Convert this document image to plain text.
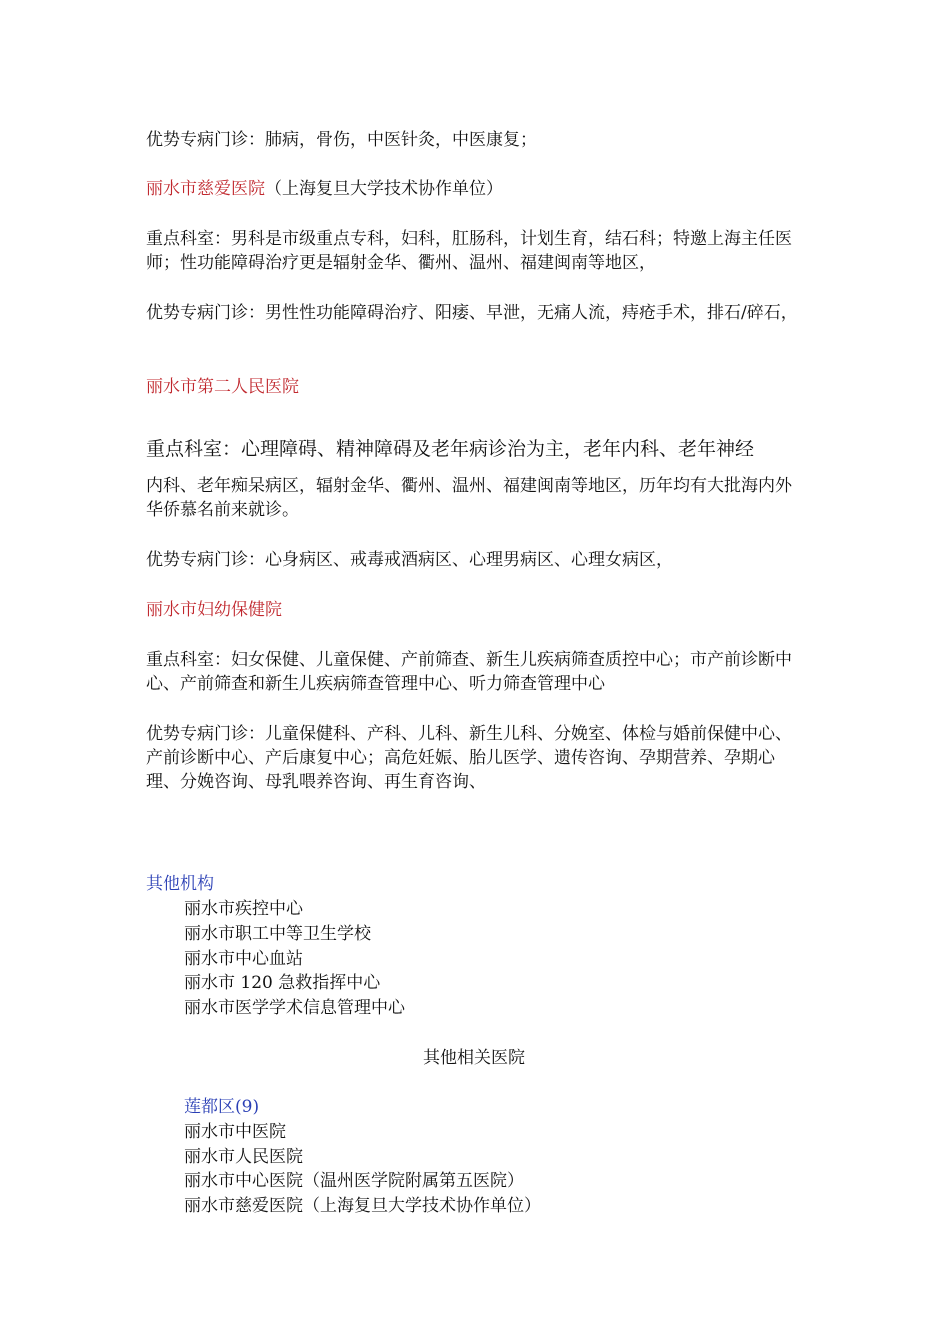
优势专病门诊：肺病，骨伤，中医针灸，中医康复；

丽水市慈爱医院（上海复旦大学技术协作单位）

重点科室：男科是市级重点专科，妇科，肛肠科，计划生育，结石科；特邀上海主任医师；性功能障碍治疗更是辐射金华、衢州、温州、福建闽南等地区，

优势专病门诊：男性性功能障碍治疗、阳痿、早泄，无痛人流，痔疮手术，排石/碎石，

丽水市第二人民医院

重点科室：心理障碍、精神障碍及老年病诊治为主，老年内科、老年神经

内科、老年痴呆病区，辐射金华、衢州、温州、福建闽南等地区，历年均有大批海内外华侨慕名前来就诊。

优势专病门诊：心身病区、戒毒戒酒病区、心理男病区、心理女病区，

丽水市妇幼保健院

重点科室：妇女保健、儿童保健、产前筛查、新生儿疾病筛查质控中心；市产前诊断中心、产前筛查和新生儿疾病筛查管理中心、听力筛查管理中心

优势专病门诊：儿童保健科、产科、儿科、新生儿科、分娩室、体检与婚前保健中心、产前诊断中心、产后康复中心；高危妊娠、胎儿医学、遗传咨询、孕期营养、孕期心理、分娩咨询、母乳喂养咨询、再生育咨询、

其他机构

丽水市疾控中心
丽水市职工中等卫生学校
丽水市中心血站
丽水市 120 急救指挥中心
丽水市医学学术信息管理中心
其他相关医院
莲都区(9)
丽水市中医院
丽水市人民医院
丽水市中心医院（温州医学院附属第五医院）
丽水市慈爱医院（上海复旦大学技术协作单位）
